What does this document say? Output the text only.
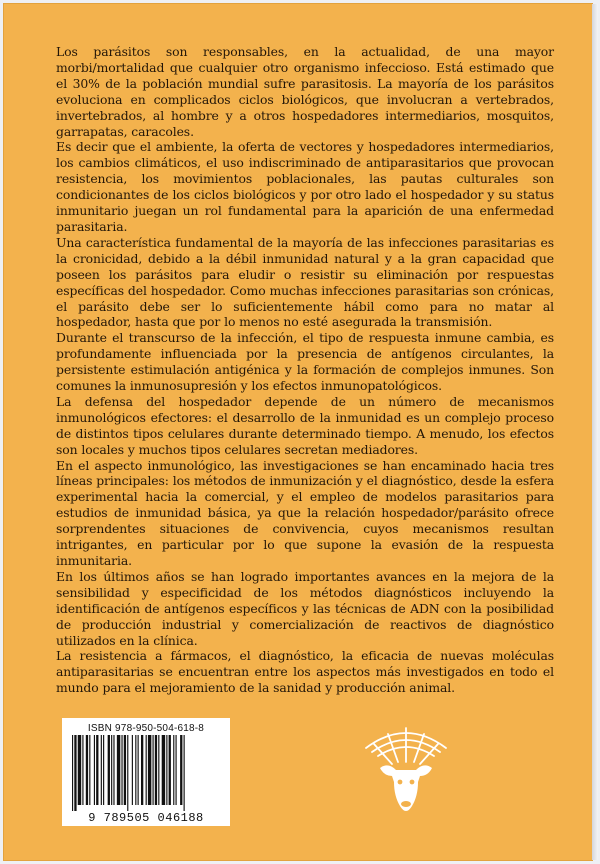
Los parásitos son responsables, en la actualidad, de una mayor morbi/mortalidad que cualquier otro organismo infeccioso. Está estimado que el 30% de la población mundial sufre parasitosis. La mayoría de los parásitos evoluciona en complicados ciclos biológicos, que involucran a vertebrados, invertebrados, al hombre y a otros hospedadores intermediarios, mosquitos, garrapatas, caracoles.

Es decir que el ambiente, la oferta de vectores y hospedadores intermediarios, los cambios climáticos, el uso indiscriminado de antiparasitarios que provocan resistencia, los movimientos poblacionales, las pautas culturales son condicionantes de los ciclos biológicos y por otro lado el hospedador y su status inmunitario juegan un rol fundamental para la aparición de una enfermedad parasitaria.

Una característica fundamental de la mayoría de las infecciones parasitarias es la cronicidad, debido a la débil inmunidad natural y a la gran capacidad que poseen los parásitos para eludir o resistir su eliminación por respuestas específicas del hospedador. Como muchas infecciones parasitarias son crónicas, el parásito debe ser lo suficientemente hábil como para no matar al hospedador, hasta que por lo menos no esté asegurada la transmisión.

Durante el transcurso de la infección, el tipo de respuesta inmune cambia, es profundamente influenciada por la presencia de antígenos circulantes, la persistente estimulación antigénica y la formación de complejos inmunes. Son comunes la inmunosupresión y los efectos inmunopatológicos.

La defensa del hospedador depende de un número de mecanismos inmunológicos efectores: el desarrollo de la inmunidad es un complejo proceso de distintos tipos celulares durante determinado tiempo. A menudo, los efectos son locales y muchos tipos celulares secretan mediadores.

En el aspecto inmunológico, las investigaciones se han encaminado hacia tres líneas principales: los métodos de inmunización y el diagnóstico, desde la esfera experimental hacia la comercial, y el empleo de modelos parasitarios para estudios de inmunidad básica, ya que la relación hospedador/parásito ofrece sorprendentes situaciones de convivencia, cuyos mecanismos resultan intrigantes, en particular por lo que supone la evasión de la respuesta inmunitaria.

En los últimos años se han logrado importantes avances en la mejora de la sensibilidad y especificidad de los métodos diagnósticos incluyendo la identificación de antígenos específicos y las técnicas de ADN con la posibilidad de producción industrial y comercialización de reactivos de diagnóstico utilizados en la clínica.

La resistencia a fármacos, el diagnóstico, la eficacia de nuevas moléculas antiparasitarias se encuentran entre los aspectos más investigados en todo el mundo para el mejoramiento de la sanidad y producción animal.

ISBN 978-950-504-618-8
9 789505 046188
